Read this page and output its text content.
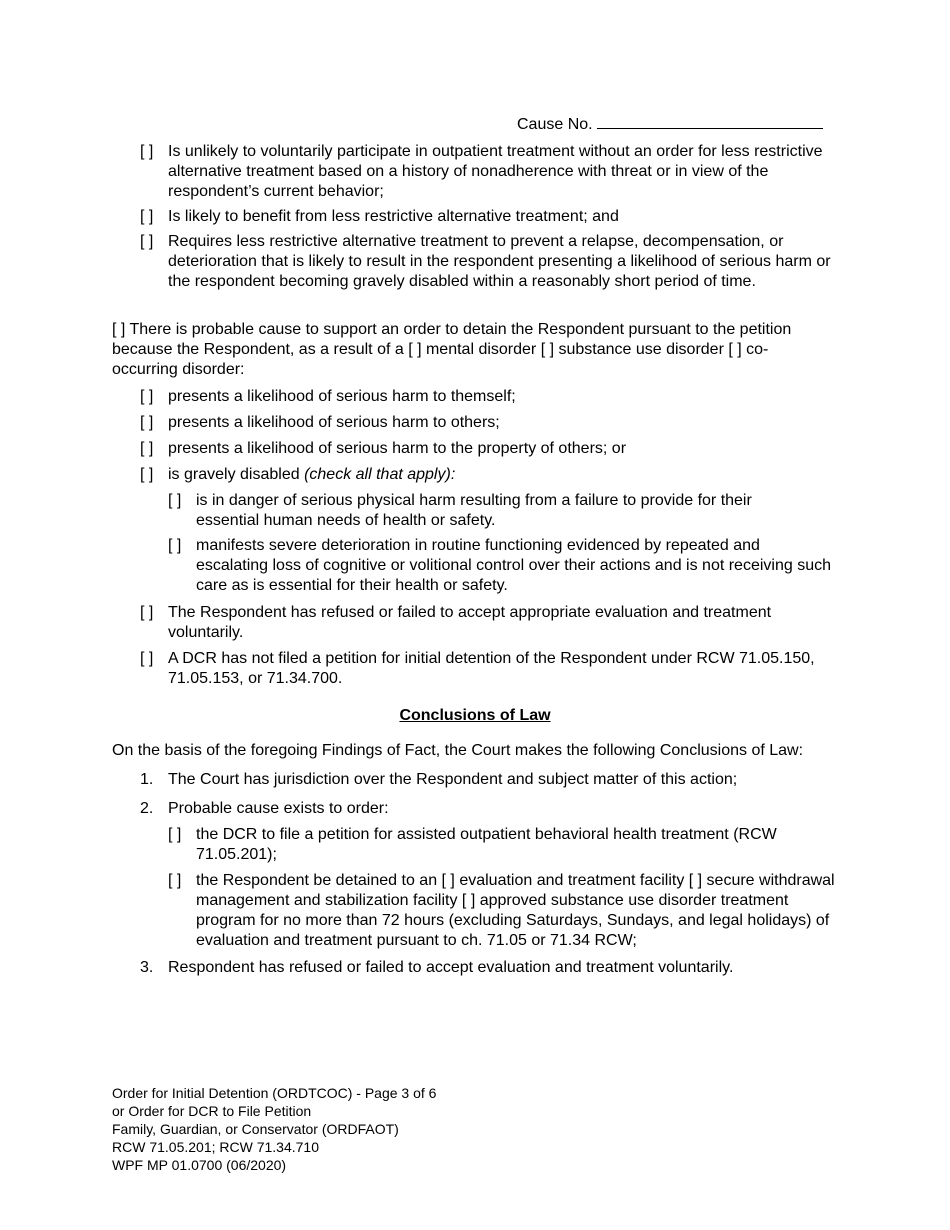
Cause No.
[ ] Is unlikely to voluntarily participate in outpatient treatment without an order for less restrictive alternative treatment based on a history of nonadherence with threat or in view of the respondent’s current behavior;
[ ] Is likely to benefit from less restrictive alternative treatment; and
[ ] Requires less restrictive alternative treatment to prevent a relapse, decompensation, or deterioration that is likely to result in the respondent presenting a likelihood of serious harm or the respondent becoming gravely disabled within a reasonably short period of time.
[ ] There is probable cause to support an order to detain the Respondent pursuant to the petition because the Respondent, as a result of a [ ] mental disorder [ ] substance use disorder [ ] co-occurring disorder:
[ ] presents a likelihood of serious harm to themself;
[ ] presents a likelihood of serious harm to others;
[ ] presents a likelihood of serious harm to the property of others; or
[ ] is gravely disabled (check all that apply):
[ ] is in danger of serious physical harm resulting from a failure to provide for their essential human needs of health or safety.
[ ] manifests severe deterioration in routine functioning evidenced by repeated and escalating loss of cognitive or volitional control over their actions and is not receiving such care as is essential for their health or safety.
[ ] The Respondent has refused or failed to accept appropriate evaluation and treatment voluntarily.
[ ] A DCR has not filed a petition for initial detention of the Respondent under RCW 71.05.150, 71.05.153, or 71.34.700.
Conclusions of Law
On the basis of the foregoing Findings of Fact, the Court makes the following Conclusions of Law:
1. The Court has jurisdiction over the Respondent and subject matter of this action;
2. Probable cause exists to order:
[ ] the DCR to file a petition for assisted outpatient behavioral health treatment (RCW 71.05.201);
[ ] the Respondent be detained to an [ ] evaluation and treatment facility [ ] secure withdrawal management and stabilization facility [ ] approved substance use disorder treatment program for no more than 72 hours (excluding Saturdays, Sundays, and legal holidays) of evaluation and treatment pursuant to ch. 71.05 or 71.34 RCW;
3. Respondent has refused or failed to accept evaluation and treatment voluntarily.
Order for Initial Detention (ORDTCOC) - Page 3 of 6
or Order for DCR to File Petition
Family, Guardian, or Conservator (ORDFAOT)
RCW 71.05.201; RCW 71.34.710
WPF MP 01.0700 (06/2020)
